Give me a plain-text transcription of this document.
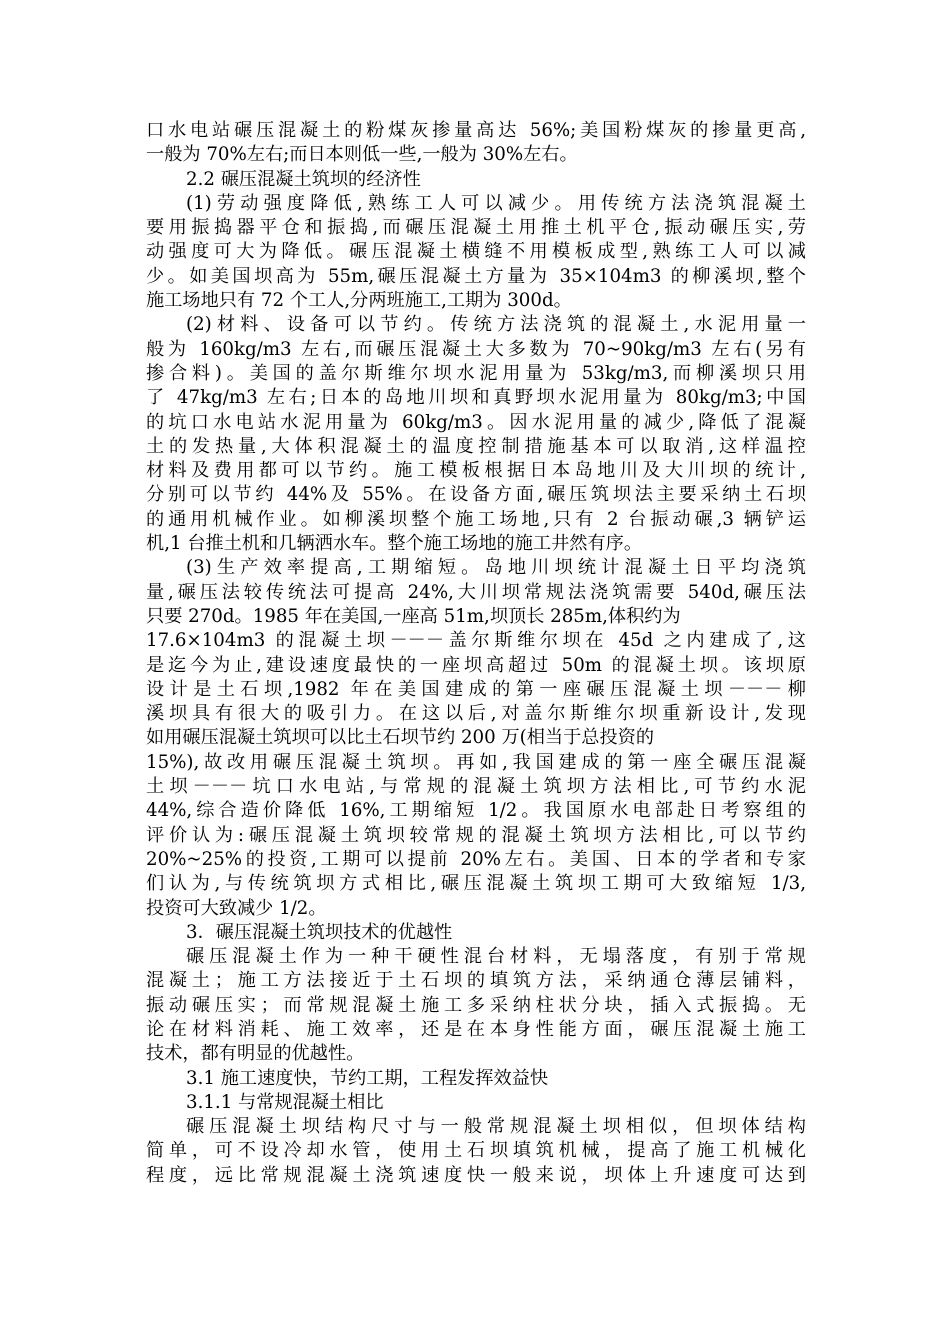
口水电站碾压混凝土的粉煤灰掺量高达 56%;美国粉煤灰的掺量更高,
一般为 70%左右;而日本则低一些,一般为 30%左右。
2.2 碾压混凝土筑坝的经济性
(1)劳动强度降低,熟练工人可以减少。用传统方法浇筑混凝土
要用振捣器平仓和振捣,而碾压混凝土用推土机平仓,振动碾压实,劳
动强度可大为降低。碾压混凝土横缝不用模板成型,熟练工人可以减
少。如美国坝高为 55m,碾压混凝土方量为 35×104m3 的柳溪坝,整个
施工场地只有 72 个工人,分两班施工,工期为 300d。
(2)材料、设备可以节约。传统方法浇筑的混凝土,水泥用量一
般为 160kg/m3 左右,而碾压混凝土大多数为 70~90kg/m3 左右(另有
掺合料)。美国的盖尔斯维尔坝水泥用量为 53kg/m3,而柳溪坝只用
了 47kg/m3 左右;日本的岛地川坝和真野坝水泥用量为 80kg/m3;中国
的坑口水电站水泥用量为 60kg/m3。因水泥用量的减少,降低了混凝
土的发热量,大体积混凝土的温度控制措施基本可以取消,这样温控
材料及费用都可以节约。施工模板根据日本岛地川及大川坝的统计,
分别可以节约 44%及 55%。在设备方面,碾压筑坝法主要采纳土石坝
的通用机械作业。如柳溪坝整个施工场地,只有 2 台振动碾,3 辆铲运
机,1 台推土机和几辆洒水车。整个施工场地的施工井然有序。
(3)生产效率提高,工期缩短。岛地川坝统计混凝土日平均浇筑
量,碾压法较传统法可提高 24%,大川坝常规法浇筑需要 540d,碾压法
只要 270d。1985 年在美国,一座高 51m,坝顶长 285m,体积约为
17.6×104m3 的混凝土坝－－－盖尔斯维尔坝在 45d 之内建成了,这
是迄今为止,建设速度最快的一座坝高超过 50m 的混凝土坝。该坝原
设计是土石坝,1982 年在美国建成的第一座碾压混凝土坝－－－柳
溪坝具有很大的吸引力。在这以后,对盖尔斯维尔坝重新设计,发现
如用碾压混凝土筑坝可以比土石坝节约 200 万(相当于总投资的
15%),故改用碾压混凝土筑坝。再如,我国建成的第一座全碾压混凝
土坝－－－坑口水电站,与常规的混凝土筑坝方法相比,可节约水泥
44%,综合造价降低 16%,工期缩短 1/2。我国原水电部赴日考察组的
评价认为:碾压混凝土筑坝较常规的混凝土筑坝方法相比,可以节约
20%~25%的投资,工期可以提前 20%左右。美国、日本的学者和专家
们认为,与传统筑坝方式相比,碾压混凝土筑坝工期可大致缩短 1/3,
投资可大致减少 1/2。
3．碾压混凝土筑坝技术的优越性
碾压混凝土作为一种干硬性混台材料，无塌落度，有别于常规
混凝土；施工方法接近于土石坝的填筑方法，采纳通仓薄层铺料，
振动碾压实；而常规混凝土施工多采纳柱状分块，插入式振捣。无
论在材料消耗、施工效率，还是在本身性能方面，碾压混凝土施工
技术，都有明显的优越性。
3.1 施工速度快，节约工期，工程发挥效益快
3.1.1 与常规混凝土相比
碾压混凝土坝结构尺寸与一般常规混凝土坝相似，但坝体结构
简单，可不设冷却水管，使用土石坝填筑机械，提高了施工机械化
程度，远比常规混凝土浇筑速度快一般来说，坝体上升速度可达到
